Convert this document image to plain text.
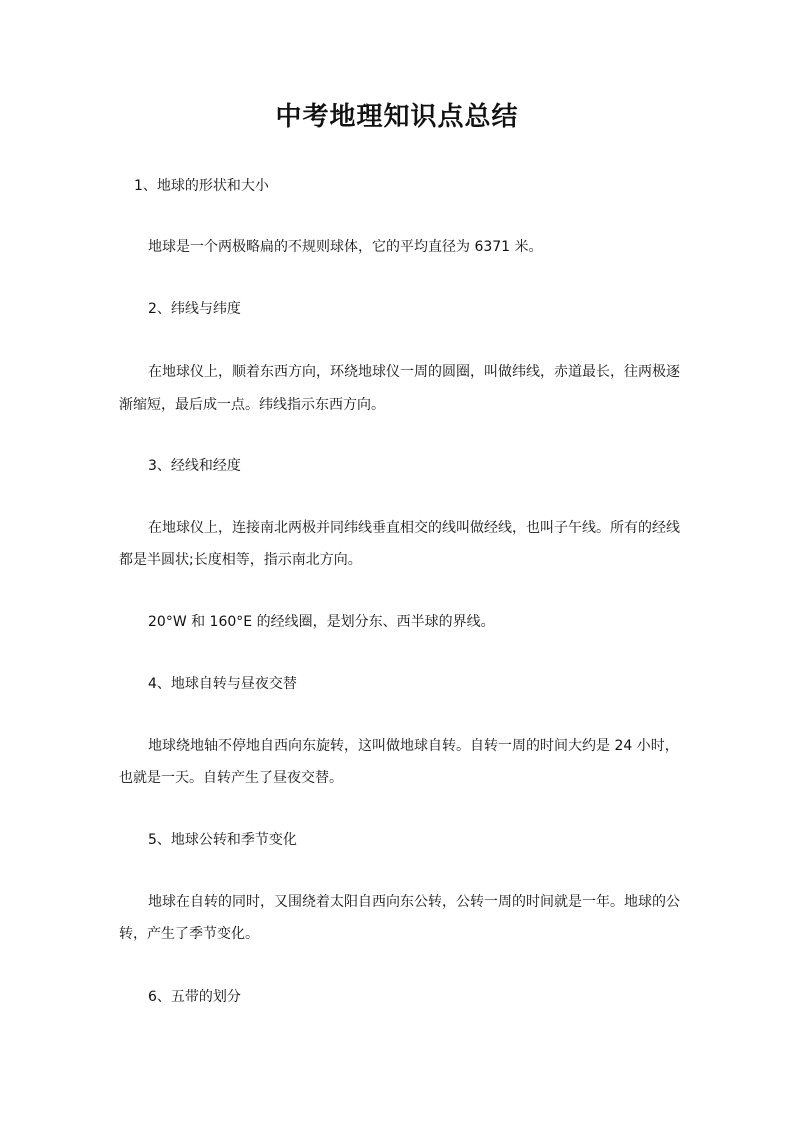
中考地理知识点总结
1、地球的形状和大小
地球是一个两极略扁的不规则球体，它的平均直径为 6371 米。
2、纬线与纬度
在地球仪上，顺着东西方向，环绕地球仪一周的圆圈，叫做纬线，赤道最长，往两极逐
渐缩短，最后成一点。纬线指示东西方向。
3、经线和经度
在地球仪上，连接南北两极并同纬线垂直相交的线叫做经线，也叫子午线。所有的经线
都是半圆状;长度相等，指示南北方向。
20°W 和 160°E 的经线圈，是划分东、西半球的界线。
4、地球自转与昼夜交替
地球绕地轴不停地自西向东旋转，这叫做地球自转。自转一周的时间大约是 24 小时，
也就是一天。自转产生了昼夜交替。
5、地球公转和季节变化
地球在自转的同时，又围绕着太阳自西向东公转，公转一周的时间就是一年。地球的公
转，产生了季节变化。
6、五带的划分
